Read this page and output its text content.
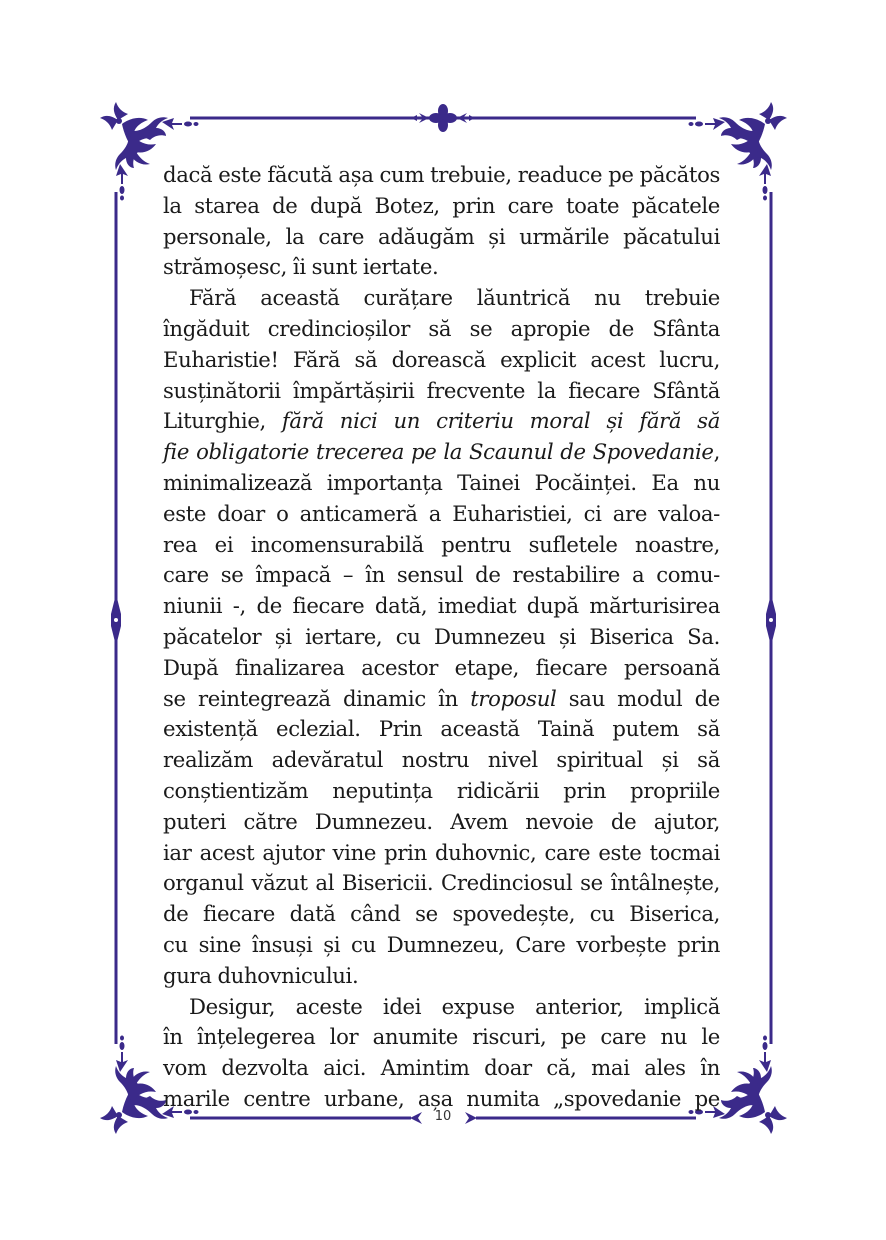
dacă este făcută așa cum trebuie, readuce pe păcătos
la starea de după Botez, prin care toate păcatele
personale, la care adăugăm și urmările păcatului
strămoșesc, îi sunt iertate.

Fără această curățare lăuntrică nu trebuie
îngăduit credincioșilor să se apropie de Sfânta
Euharistie! Fără să dorească explicit acest lucru,
susținătorii împărtășirii frecvente la fiecare Sfântă
Liturghie, fără nici un criteriu moral și fără să
fie obligatorie trecerea pe la Scaunul de Spovedanie,
minimalizează importanța Tainei Pocăinței. Ea nu
este doar o anticameră a Euharistiei, ci are valoa-
rea ei incomensurabilă pentru sufletele noastre,
care se împacă – în sensul de restabilire a comu-
niunii -, de fiecare dată, imediat după mărturisirea
păcatelor și iertare, cu Dumnezeu și Biserica Sa.
După finalizarea acestor etape, fiecare persoană
se reintegrează dinamic în troposul sau modul de
existență eclezial. Prin această Taină putem să
realizăm adevăratul nostru nivel spiritual și să
conștientizăm neputința ridicării prin propriile
puteri către Dumnezeu. Avem nevoie de ajutor,
iar acest ajutor vine prin duhovnic, care este tocmai
organul văzut al Bisericii. Credinciosul se întâlnește,
de fiecare dată când se spovedește, cu Biserica,
cu sine însuși și cu Dumnezeu, Care vorbește prin
gura duhovnicului.

Desigur, aceste idei expuse anterior, implică
în înțelegerea lor anumite riscuri, pe care nu le
vom dezvolta aici. Amintim doar că, mai ales în
marile centre urbane, așa numita „spovedanie pe

10
